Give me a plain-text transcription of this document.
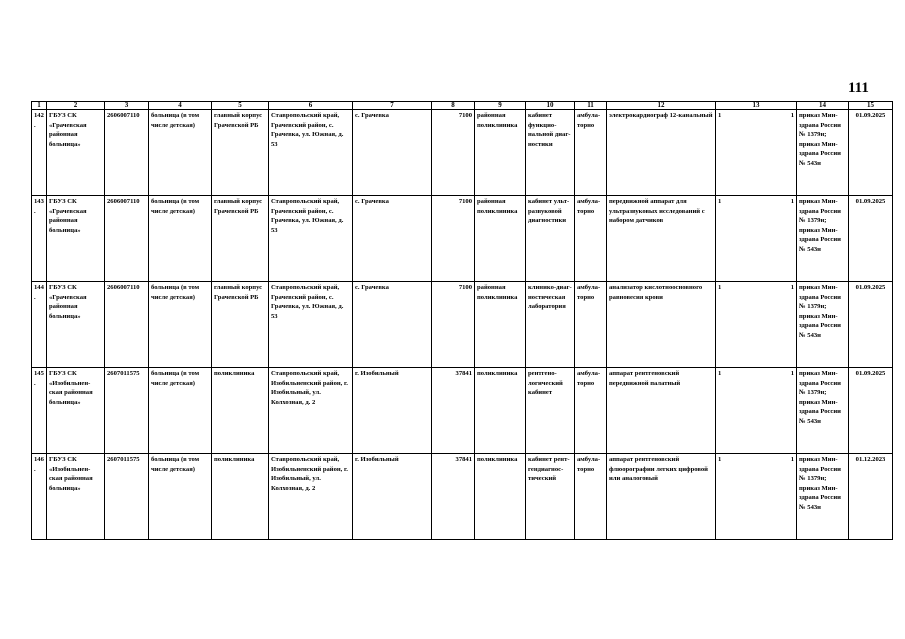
111
1	2	3	4	5	6	7	8	9	10	11	12	13	14	15
142.	ГБУЗ СК «Грачевская районная больница»	2606007110	больница (в том числе детская)	главный корпус Грачевской РБ	Ставропольский край, Грачевский район, с. Грачевка, ул. Южная, д. 53	с. Грачевка	7100	районная поликлиника	кабинет функцио-нальной диаг-ностики	амбула-торно	электрокардиограф 12-канальный	1 1	приказ Мин-здрава России № 1379н; приказ Мин-здрава России № 543н	01.09.2025
143.	ГБУЗ СК «Грачевская районная больница»	2606007110	больница (в том числе детская)	главный корпус Грачевской РБ	Ставропольский край, Грачевский район, с. Грачевка, ул. Южная, д. 53	с. Грачевка	7100	районная поликлиника	кабинет ульт-развуковой диагностики	амбула-торно	передвижной аппарат для ультразвуковых исследований с набором датчиков	1 1	приказ Мин-здрава России № 1379н; приказ Мин-здрава России № 543н	01.09.2025
144.	ГБУЗ СК «Грачевская районная больница»	2606007110	больница (в том числе детская)	главный корпус Грачевской РБ	Ставропольский край, Грачевский район, с. Грачевка, ул. Южная, д. 53	с. Грачевка	7100	районная поликлиника	клинико-диаг-ностическая лаборатория	амбула-торно	анализатор кислотноосновного равновесия крови	1 1	приказ Мин-здрава России № 1379н; приказ Мин-здрава России № 543н	01.09.2025
145.	ГБУЗ СК «Изобильнен-ская районная больница»	2607011575	больница (в том числе детская)	поликлиника	Ставропольский край, Изобильненский район, г. Изобильный, ул. Колхозная, д. 2	г. Изобильный	37841	поликлиника	рентгено-логический кабинет	амбула-торно	аппарат рентгеновский передвижной палатный	1 1	приказ Мин-здрава России № 1379н; приказ Мин-здрава России № 543н	01.09.2025
146.	ГБУЗ СК «Изобильнен-ская районная больница»	2607011575	больница (в том числе детская)	поликлиника	Ставропольский край, Изобильненский район, г. Изобильный, ул. Колхозная, д. 2	г. Изобильный	37841	поликлиника	кабинет рент-гендиагнос-тический	амбула-торно	аппарат рентгеновский флюорографии легких цифровой или аналоговый	1 1	приказ Мин-здрава России № 1379н; приказ Мин-здрава России № 543н	01.12.2023
